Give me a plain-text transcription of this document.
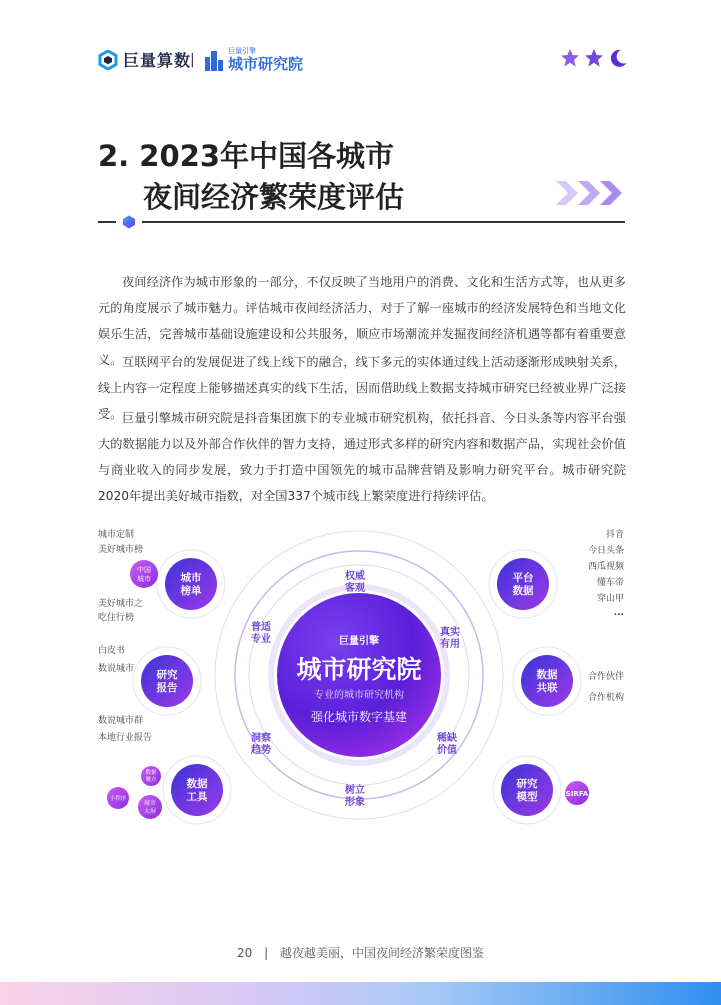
巨量算数
|
巨量引擎
城市研究院
2. 2023年中国各城市
夜间经济繁荣度评估

夜间经济作为城市形象的一部分，不仅反映了当地用户的消费、文化和生活方式等，也从更多元的角度展示了城市魅力。评估城市夜间经济活力，对于了解一座城市的经济发展特色和当地文化娱乐生活，完善城市基础设施建设和公共服务，顺应市场潮流并发掘夜间经济机遇等都有着重要意义。 互联网平台的发展促进了线上线下的融合，线下多元的实体通过线上活动逐渐形成映射关系，线上内容一定程度上能够描述真实的线下生活，因而借助线上数据支持城市研究已经被业界广泛接受。 巨量引擎城市研究院是抖音集团旗下的专业城市研究机构，依托抖音、今日头条等内容平台强大的数据能力以及外部合作伙伴的智力支持，通过形式多样的研究内容和数据产品，实现社会价值与商业收入的同步发展，致力于打造中国领先的城市品牌营销及影响力研究平台。城市研究院2020年提出美好城市指数，对全国337个城市线上繁荣度进行持续评估。

巨量引擎
城市研究院
专业的城市研究机构
强化城市数字基建
权威客观
真实有用
稀缺价值
树立形象
洞察趋势
普适专业
城市榜单
研究报告
数据工具
平台数据
数据共联
研究模型
中国城市
数据魔方
小程序
城市大屏
SIRFA
城市定制
美好城市榜
美好城市之
吃住行榜
白皮书
数说城市
数说城市群
本地行业报告
抖音
今日头条
西瓜视频
懂车帝
穿山甲
...
合作伙伴
合作机构
20 | 越夜越美丽，中国夜间经济繁荣度图鉴
